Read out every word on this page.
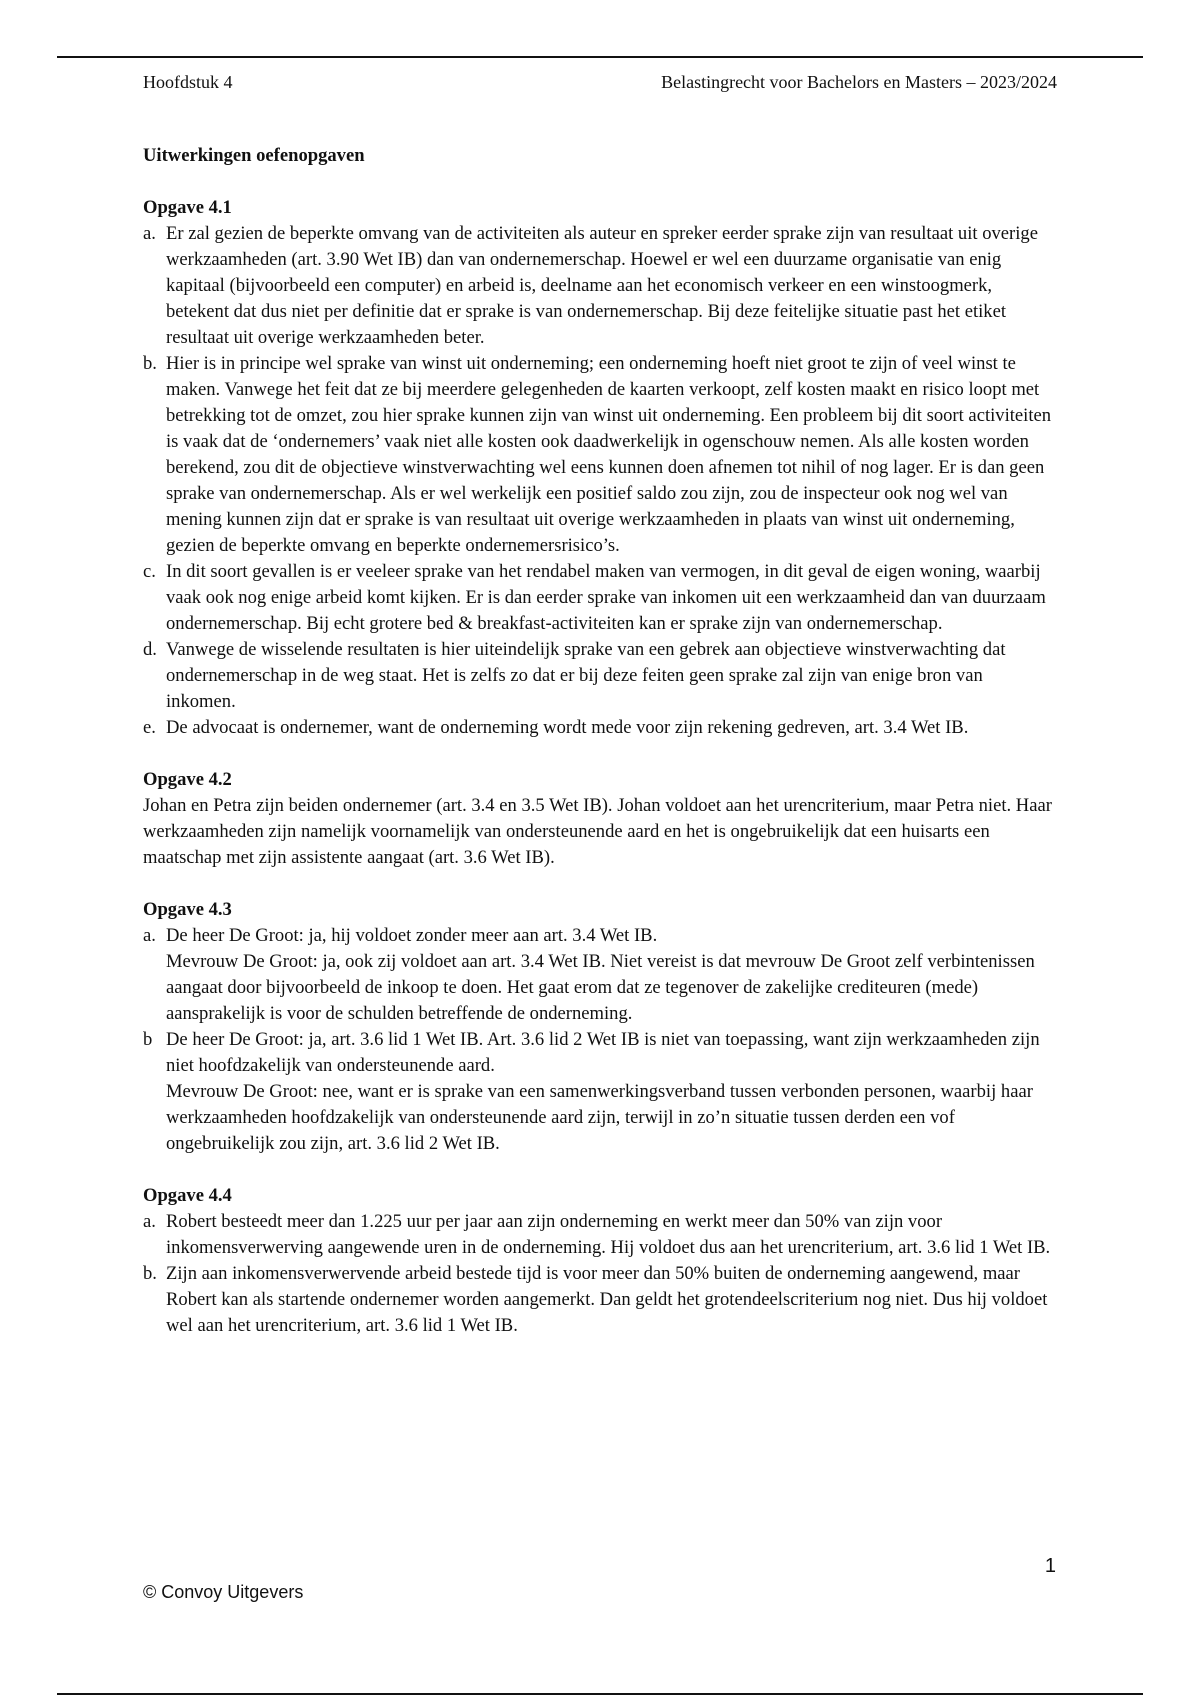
Hoofdstuk 4	Belastingrecht voor Bachelors en Masters – 2023/2024
Uitwerkingen oefenopgaven
Opgave 4.1
a. Er zal gezien de beperkte omvang van de activiteiten als auteur en spreker eerder sprake zijn van resultaat uit overige werkzaamheden (art. 3.90 Wet IB) dan van ondernemerschap. Hoewel er wel een duurzame organisatie van enig kapitaal (bijvoorbeeld een computer) en arbeid is, deelname aan het economisch verkeer en een winstoogmerk, betekent dat dus niet per definitie dat er sprake is van ondernemerschap. Bij deze feitelijke situatie past het etiket resultaat uit overige werkzaamheden beter.

b. Hier is in principe wel sprake van winst uit onderneming; een onderneming hoeft niet groot te zijn of veel winst te maken. Vanwege het feit dat ze bij meerdere gelegenheden de kaarten verkoopt, zelf kosten maakt en risico loopt met betrekking tot de omzet, zou hier sprake kunnen zijn van winst uit onderneming. Een probleem bij dit soort activiteiten is vaak dat de ‘ondernemers’ vaak niet alle kosten ook daadwerkelijk in ogenschouw nemen. Als alle kosten worden berekend, zou dit de objectieve winstverwachting wel eens kunnen doen afnemen tot nihil of nog lager. Er is dan geen sprake van ondernemerschap. Als er wel werkelijk een positief saldo zou zijn, zou de inspecteur ook nog wel van mening kunnen zijn dat er sprake is van resultaat uit overige werkzaamheden in plaats van winst uit onderneming, gezien de beperkte omvang en beperkte ondernemersrisico’s.

c. In dit soort gevallen is er veeleer sprake van het rendabel maken van vermogen, in dit geval de eigen woning, waarbij vaak ook nog enige arbeid komt kijken. Er is dan eerder sprake van inkomen uit een werkzaamheid dan van duurzaam ondernemerschap. Bij echt grotere bed & breakfast-activiteiten kan er sprake zijn van ondernemerschap.

d. Vanwege de wisselende resultaten is hier uiteindelijk sprake van een gebrek aan objectieve winstverwachting dat ondernemerschap in de weg staat. Het is zelfs zo dat er bij deze feiten geen sprake zal zijn van enige bron van inkomen.

e. De advocaat is ondernemer, want de onderneming wordt mede voor zijn rekening gedreven, art. 3.4 Wet IB.

Opgave 4.2

Johan en Petra zijn beiden ondernemer (art. 3.4 en 3.5 Wet IB). Johan voldoet aan het urencriterium, maar Petra niet. Haar werkzaamheden zijn namelijk voornamelijk van ondersteunende aard en het is ongebruikelijk dat een huisarts een maatschap met zijn assistente aangaat (art. 3.6 Wet IB).

Opgave 4.3
a. De heer De Groot: ja, hij voldoet zonder meer aan art. 3.4 Wet IB.

Mevrouw De Groot: ja, ook zij voldoet aan art. 3.4 Wet IB. Niet vereist is dat mevrouw De Groot zelf verbintenissen aangaat door bijvoorbeeld de inkoop te doen. Het gaat erom dat ze tegenover de zakelijke crediteuren (mede) aansprakelijk is voor de schulden betreffende de onderneming.

b De heer De Groot: ja, art. 3.6 lid 1 Wet IB. Art. 3.6 lid 2 Wet IB is niet van toepassing, want zijn werkzaamheden zijn niet hoofdzakelijk van ondersteunende aard.

Mevrouw De Groot: nee, want er is sprake van een samenwerkingsverband tussen verbonden personen, waarbij haar werkzaamheden hoofdzakelijk van ondersteunende aard zijn, terwijl in zo’n situatie tussen derden een vof ongebruikelijk zou zijn, art. 3.6 lid 2 Wet IB.

Opgave 4.4
a. Robert besteedt meer dan 1.225 uur per jaar aan zijn onderneming en werkt meer dan 50% van zijn voor inkomensverwerving aangewende uren in de onderneming. Hij voldoet dus aan het urencriterium, art. 3.6 lid 1 Wet IB.

b. Zijn aan inkomensverwervende arbeid bestede tijd is voor meer dan 50% buiten de onderneming aangewend, maar Robert kan als startende ondernemer worden aangemerkt. Dan geldt het grotendeelscriterium nog niet. Dus hij voldoet wel aan het urencriterium, art. 3.6 lid 1 Wet IB.

1
© Convoy Uitgevers
